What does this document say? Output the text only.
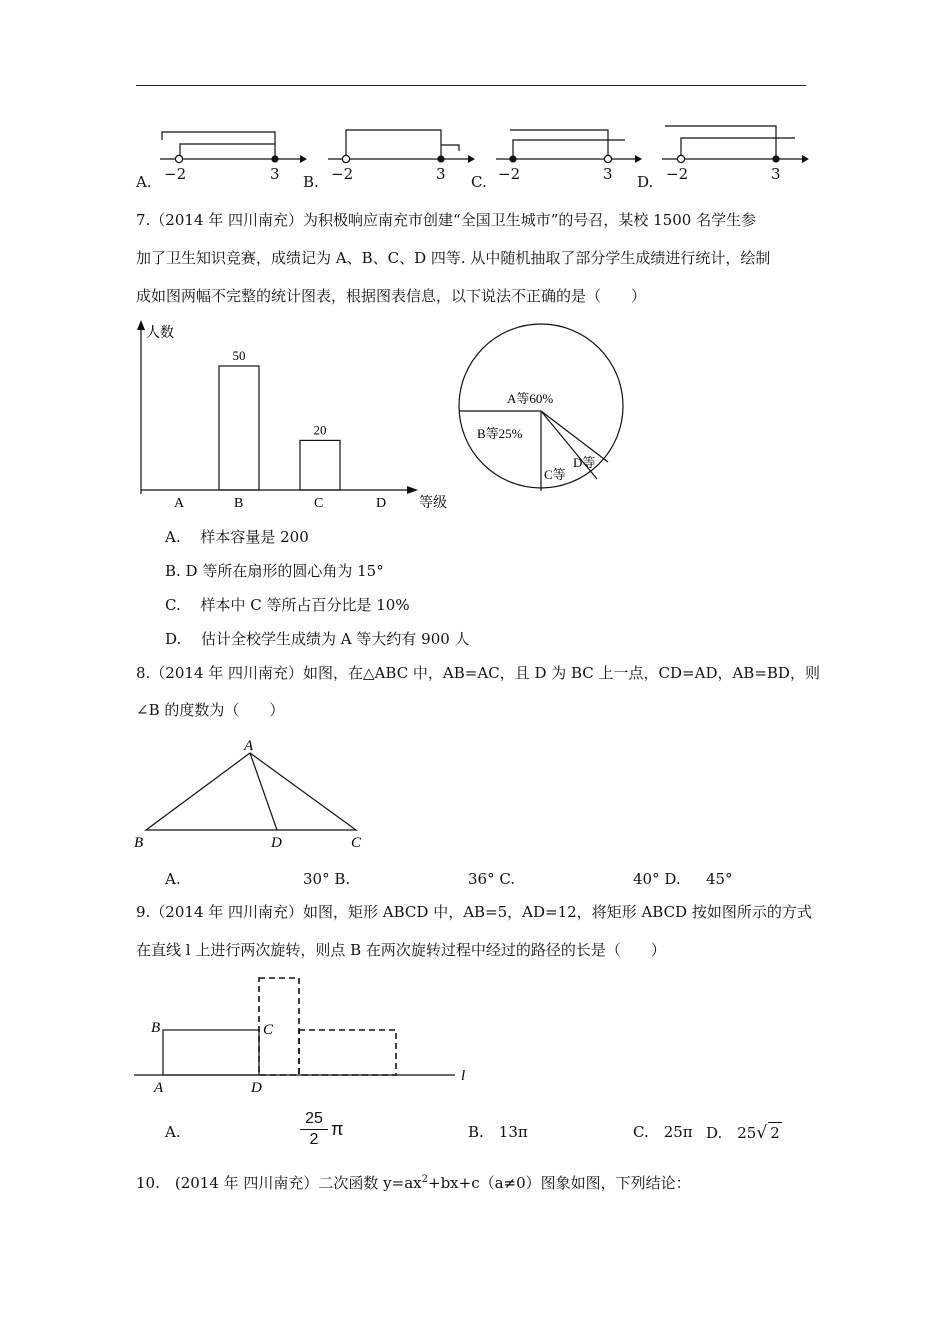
A. −2	3 B. −2	3 C. −2	3 D. −2	3
7.（2014 年 四川南充）为积极响应南充市创建“全国卫生城市”的号召，某校 1500 名学生参
加了卫生知识竞赛，成绩记为 A、B、C、D 四等. 从中随机抽取了部分学生成绩进行统计，绘制
成如图两幅不完整的统计图表，根据图表信息，以下说法不正确的是（　　）
50
20
人数
等级
A	B	C	D
A等60%
B等25%
C等
D等
A.　 样本容量是 200
B. D 等所在扇形的圆心角为 15°
C.　 样本中 C 等所占百分比是 10%
D.　 估计全校学生成绩为 A 等大约有 900 人
8.（2014 年 四川南充）如图，在△ABC 中，AB=AC，且 D 为 BC 上一点，CD=AD，AB=BD，则
∠B 的度数为（　　）
A
B	D	C
A.	30° B.	36° C.	40° D. 45°
9.（2014 年 四川南充）如图，矩形 ABCD 中，AB=5，AD=12，将矩形 ABCD 按如图所示的方式
在直线 l 上进行两次旋转，则点 B 在两次旋转过程中经过的路径的长是（　　）
B	C
A	D
l
A.
25
2
π	B.　13π	C.　25π D.　25√ 2
10.　(2014 年 四川南充）二次函数 $y=ax^2+bx+c(a\ne 0)$图象如图，下列结论：
